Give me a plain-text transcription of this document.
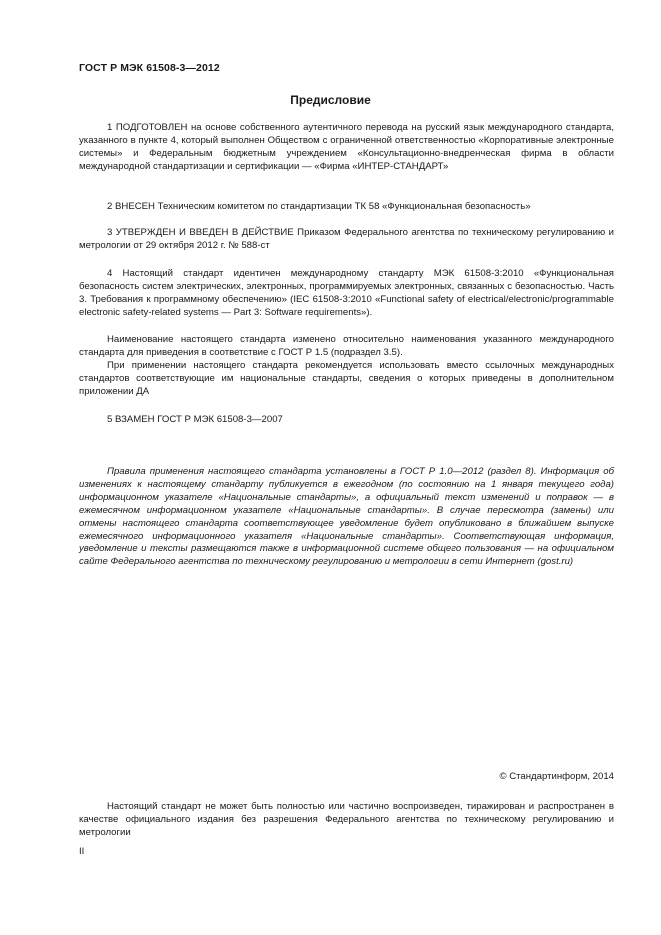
ГОСТ Р МЭК 61508-3—2012
Предисловие

1 ПОДГОТОВЛЕН на основе собственного аутентичного перевода на русский язык международного стандарта, указанного в пункте 4, который выполнен Обществом с ограниченной ответственностью «Корпоративные электронные системы» и Федеральным бюджетным учреждением «Консультационно-внедренческая фирма в области международной стандартизации и сертификации — «Фирма «ИНТЕР-СТАНДАРТ»

2 ВНЕСЕН Техническим комитетом по стандартизации ТК 58 «Функциональная безопасность»

3 УТВЕРЖДЕН И ВВЕДЕН В ДЕЙСТВИЕ Приказом Федерального агентства по техническому регулированию и метрологии от 29 октября 2012 г. № 588-ст

4 Настоящий стандарт идентичен международному стандарту МЭК 61508-3:2010 «Функциональная безопасность систем электрических, электронных, программируемых электронных, связанных с безопасностью. Часть 3. Требования к программному обеспечению» (IEC 61508-3:2010 «Functional safety of electrical/electronic/programmable electronic safety-related systems — Part 3: Software requirements»).

Наименование настоящего стандарта изменено относительно наименования указанного международного стандарта для приведения в соответствие с ГОСТ Р 1.5 (подраздел 3.5).

При применении настоящего стандарта рекомендуется использовать вместо ссылочных международных стандартов соответствующие им национальные стандарты, сведения о которых приведены в дополнительном приложении ДА

5 ВЗАМЕН ГОСТ Р МЭК 61508-3—2007

Правила применения настоящего стандарта установлены в ГОСТ Р 1.0—2012 (раздел 8). Информация об изменениях к настоящему стандарту публикуется в ежегодном (по состоянию на 1 января текущего года) информационном указателе «Национальные стандарты», а официальный текст изменений и поправок — в ежемесячном информационном указателе «Национальные стандарты». В случае пересмотра (замены) или отмены настоящего стандарта соответствующее уведомление будет опубликовано в ближайшем выпуске ежемесячного информационного указателя «Национальные стандарты». Соответствующая информация, уведомление и тексты размещаются также в информационной системе общего пользования — на официальном сайте Федерального агентства по техническому регулированию и метрологии в сети Интернет (gost.ru)

© Стандартинформ, 2014

Настоящий стандарт не может быть полностью или частично воспроизведен, тиражирован и распространен в качестве официального издания без разрешения Федерального агентства по техническому регулированию и метрологии

II
